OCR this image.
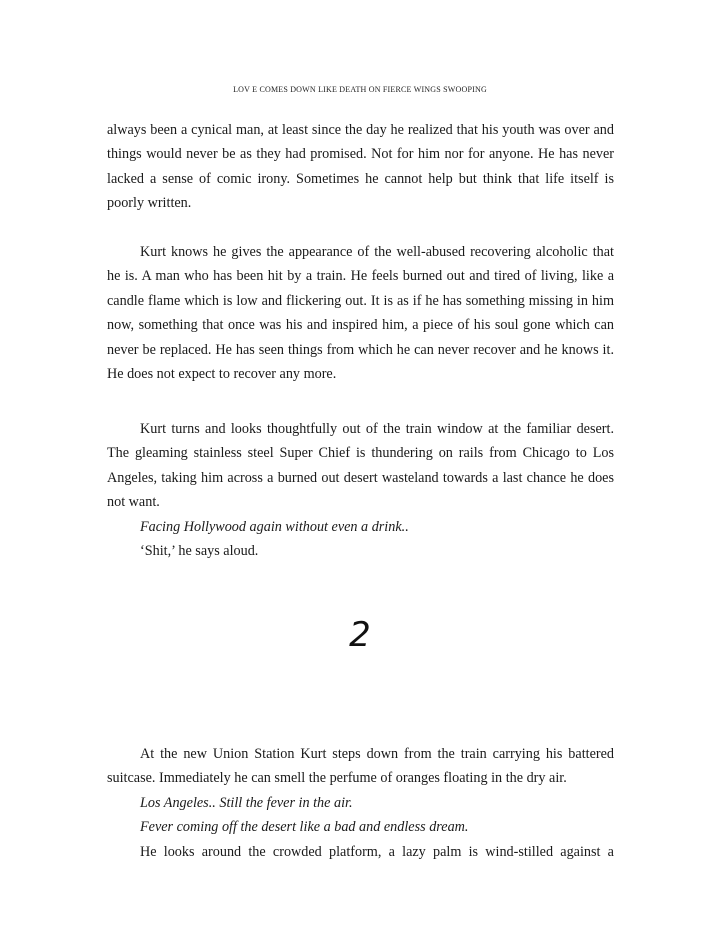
LOV E COMES DOWN LIKE DEATH ON FIERCE WINGS SWOOPING

always been a cynical man, at least since the day he realized that his youth was over and things would never be as they had promised. Not for him nor for anyone. He has never lacked a sense of comic irony. Sometimes he cannot help but think that life itself is poorly written.

Kurt knows he gives the appearance of the well-abused recovering alcoholic that he is. A man who has been hit by a train. He feels burned out and tired of living, like a candle flame which is low and flickering out. It is as if he has something missing in him now, something that once was his and inspired him, a piece of his soul gone which can never be replaced. He has seen things from which he can never recover and he knows it. He does not expect to recover any more.

Kurt turns and looks thoughtfully out of the train window at the familiar desert. The gleaming stainless steel Super Chief is thundering on rails from Chicago to Los Angeles, taking him across a burned out desert wasteland towards a last chance he does not want.

Facing Hollywood again without even a drink..

‘Shit,’ he says aloud.

2

At the new Union Station Kurt steps down from the train carrying his battered suitcase. Immediately he can smell the perfume of oranges floating in the dry air.

Los Angeles.. Still the fever in the air.

Fever coming off the desert like a bad and endless dream.

He looks around the crowded platform, a lazy palm is wind-stilled against a
